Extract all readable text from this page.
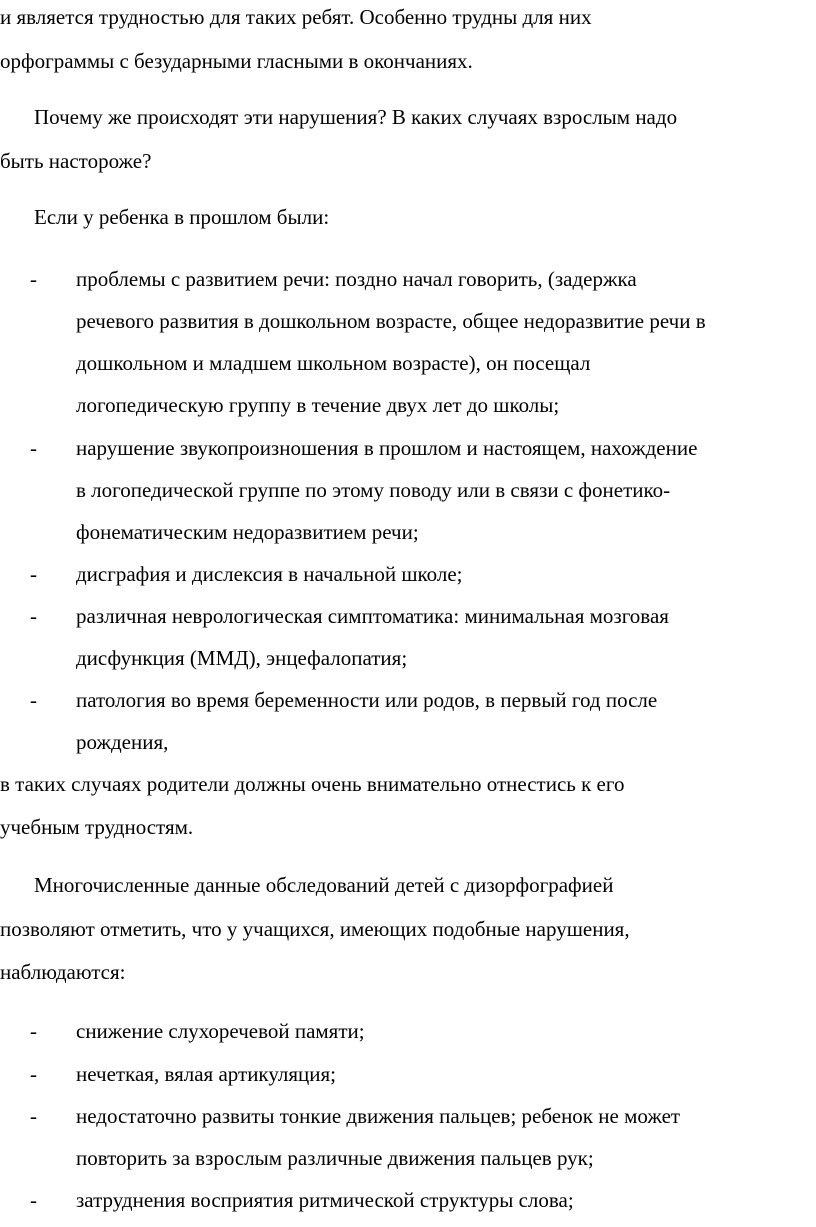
и является трудностью для таких ребят. Особенно трудны для них
орфограммы с безударными гласными в окончаниях.
Почему же происходят эти нарушения? В каких случаях взрослым надо
быть настороже?
Если у ребенка в прошлом были:
- проблемы с развитием речи: поздно начал говорить, (задержка
речевого развития в дошкольном возрасте, общее недоразвитие речи в
дошкольном и младшем школьном возрасте), он посещал
логопедическую группу в течение двух лет до школы;
- нарушение звукопроизношения в прошлом и настоящем, нахождение
в логопедической группе по этому поводу или в связи с фонетико-
фонематическим недоразвитием речи;
- дисграфия и дислексия в начальной школе;
- различная неврологическая симптоматика: минимальная мозговая
дисфункция (ММД), энцефалопатия;
- патология во время беременности или родов, в первый год после
рождения,
в таких случаях родители должны очень внимательно отнестись к его
учебным трудностям.
Многочисленные данные обследований детей с дизорфографией
позволяют отметить, что у учащихся, имеющих подобные нарушения,
наблюдаются:
- снижение слухоречевой памяти;
- нечеткая, вялая артикуляция;
- недостаточно развиты тонкие движения пальцев; ребенок не может
повторить за взрослым различные движения пальцев рук;
- затруднения восприятия ритмической структуры слова;
